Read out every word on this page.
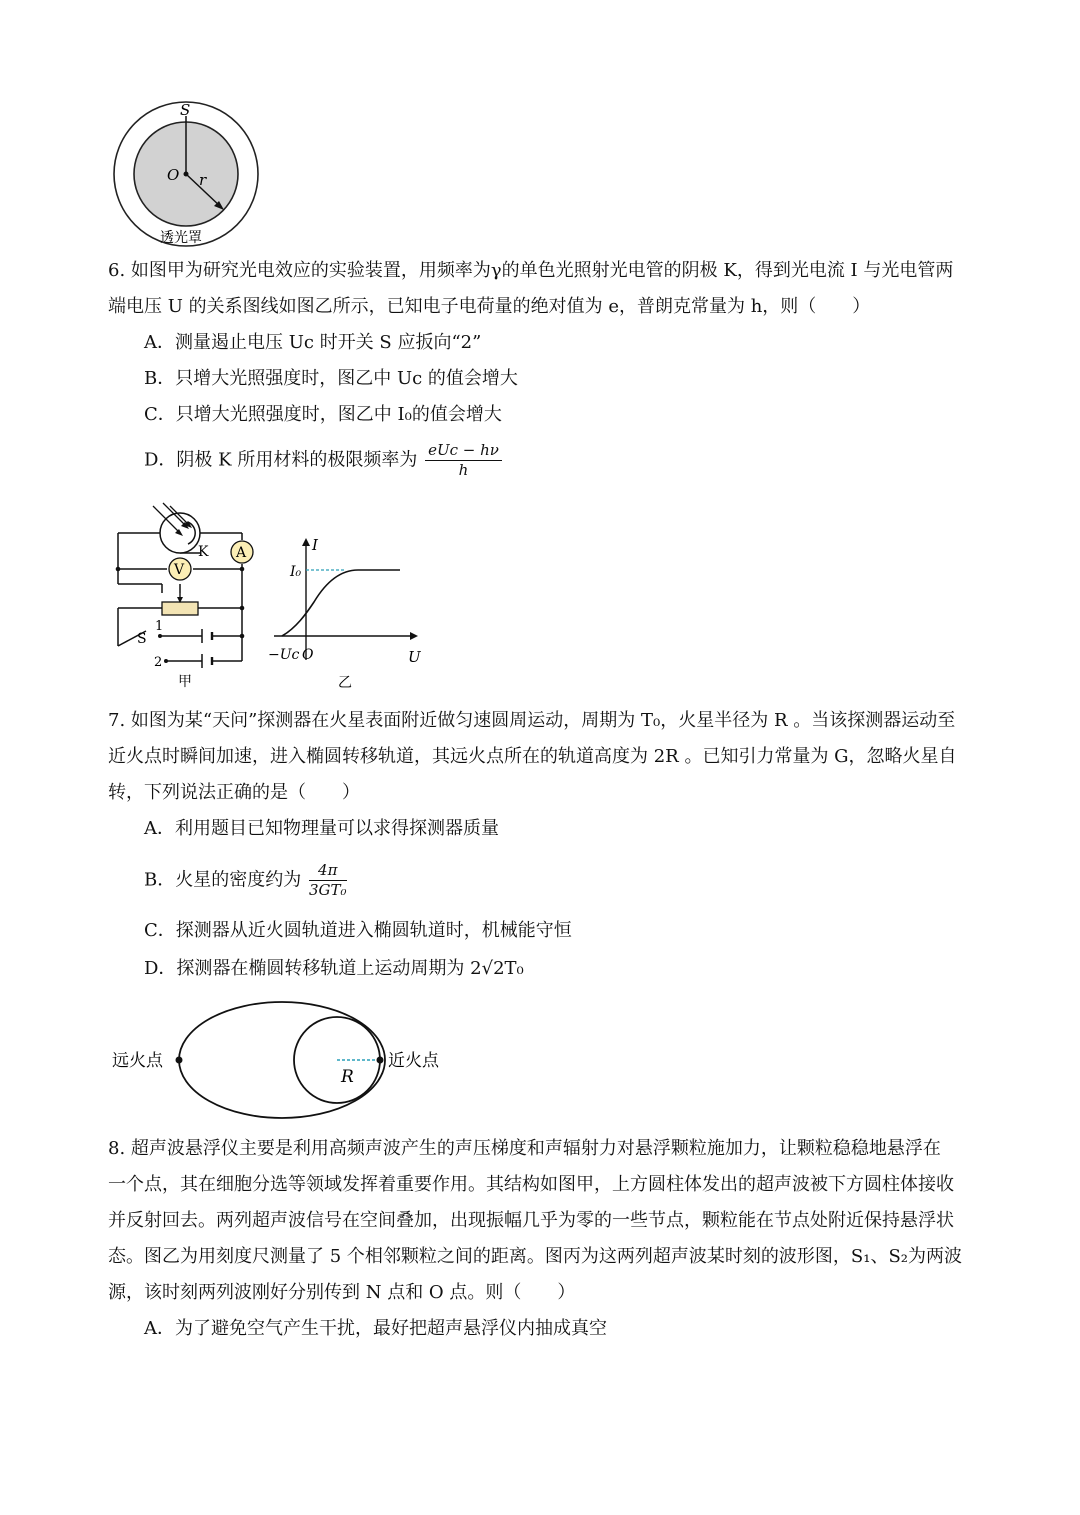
S
O r
透光罩
6. 如图甲为研究光电效应的实验装置，用频率为γ的单色光照射光电管的阴极 K，得到光电流 I 与光电管两
端电压 U 的关系图线如图乙所示，已知电子电荷量的绝对值为 e，普朗克常量为 h，则（　　）
A．测量遏止电压 Uc 时开关 S 应扳向“2”
B．只增大光照强度时，图乙中 Uc 的值会增大
C．只增大光照强度时，图乙中 I₀的值会增大
D．阴极 K 所用材料的极限频率为 $\frac{\text{eUc − hν}}{h}$
A
V
K
S
1
2
甲
I
I₀
−Uc O	U
乙
7. 如图为某“天问”探测器在火星表面附近做匀速圆周运动，周期为 T₀，火星半径为 R 。当该探测器运动至
近火点时瞬间加速，进入椭圆转移轨道，其远火点所在的轨道高度为 2R 。已知引力常量为 G，忽略火星自
转，下列说法正确的是（　　）
A．利用题目已知物理量可以求得探测器质量
B．火星的密度约为 $\frac{4\pi}{\text{3GT₀}}$
C．探测器从近火圆轨道进入椭圆轨道时，机械能守恒
D．探测器在椭圆转移轨道上运动周期为 2√2T₀
远火点	近火点
R
8. 超声波悬浮仪主要是利用高频声波产生的声压梯度和声辐射力对悬浮颗粒施加力，让颗粒稳稳地悬浮在
一个点，其在细胞分选等领域发挥着重要作用。其结构如图甲，上方圆柱体发出的超声波被下方圆柱体接收
并反射回去。两列超声波信号在空间叠加，出现振幅几乎为零的一些节点，颗粒能在节点处附近保持悬浮状
态。图乙为用刻度尺测量了 5 个相邻颗粒之间的距离。图丙为这两列超声波某时刻的波形图，S₁、S₂为两波
源，该时刻两列波刚好分别传到 N 点和 O 点。则（　　）
A．为了避免空气产生干扰，最好把超声悬浮仪内抽成真空
